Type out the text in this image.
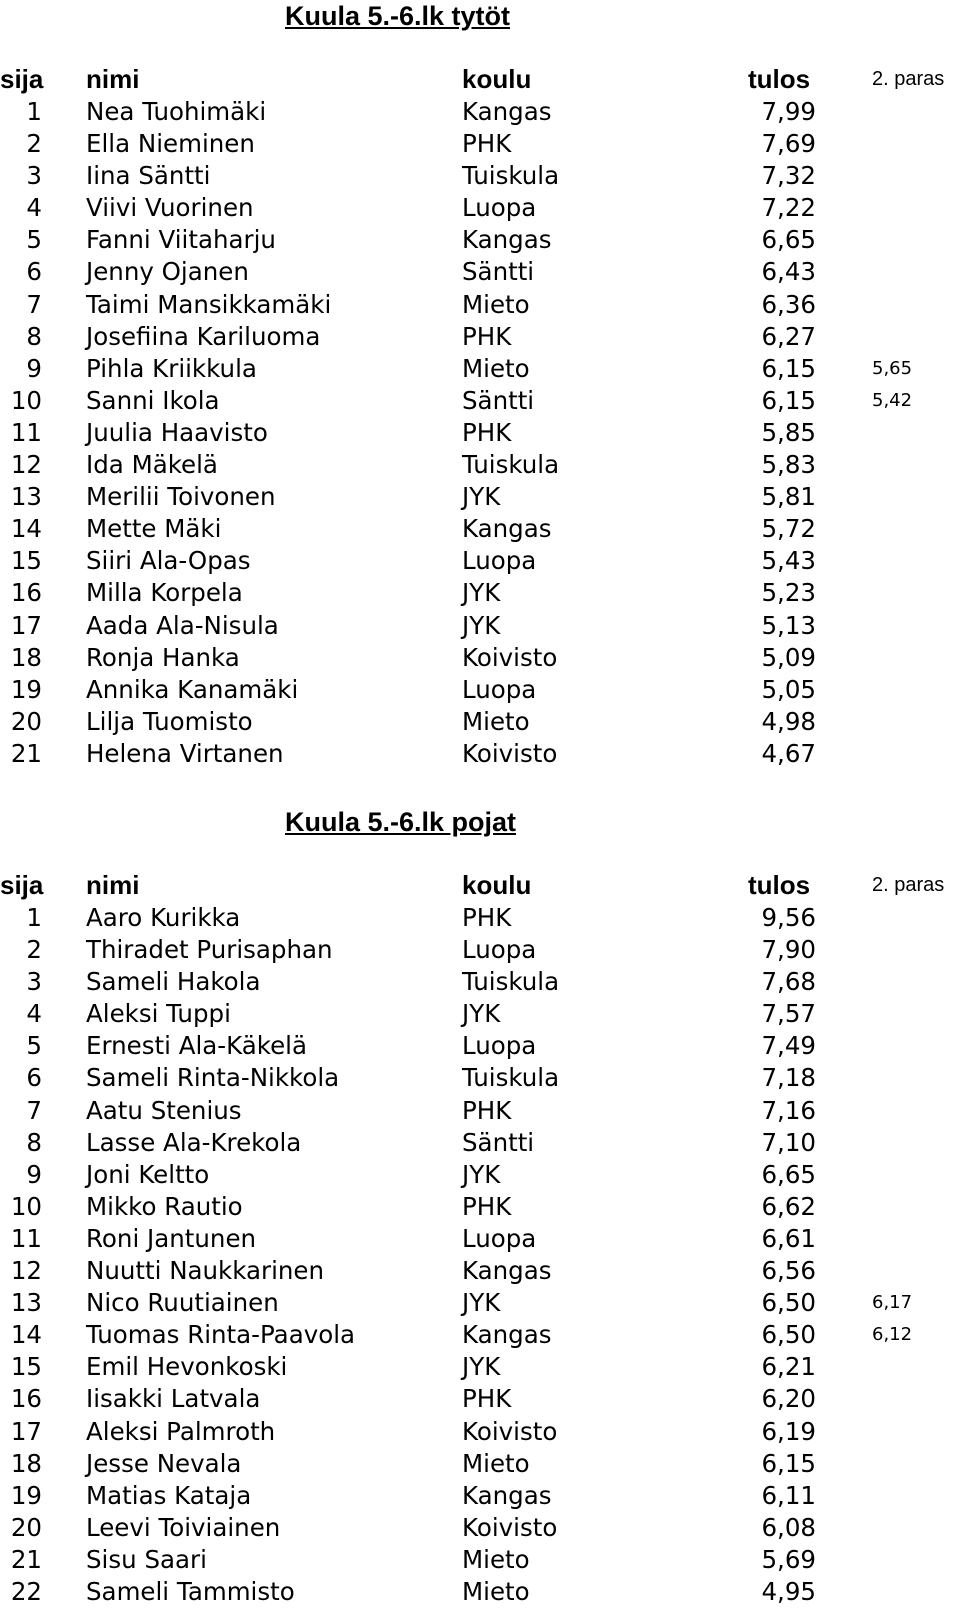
Kuula 5.-6.lk tytöt
sija nimi	koulu	tulos	2. paras
1 Nea Tuohimäki	Kangas	7,99
2 Ella Nieminen	PHK	7,69
3 Iina Säntti	Tuiskula	7,32
4 Viivi Vuorinen	Luopa	7,22
5 Fanni Viitaharju	Kangas	6,65
6 Jenny Ojanen	Säntti	6,43
7 Taimi Mansikkamäki	Mieto	6,36
8 Josefiina Kariluoma	PHK	6,27
9 Pihla Kriikkula	Mieto	6,15	5,65
10 Sanni Ikola	Säntti	6,15	5,42
11 Juulia Haavisto	PHK	5,85
12 Ida Mäkelä	Tuiskula	5,83
13 Merilii Toivonen	JYK	5,81
14 Mette Mäki	Kangas	5,72
15 Siiri Ala-Opas	Luopa	5,43
16 Milla Korpela	JYK	5,23
17 Aada Ala-Nisula	JYK	5,13
18 Ronja Hanka	Koivisto	5,09
19 Annika Kanamäki	Luopa	5,05
20 Lilja Tuomisto	Mieto	4,98
21 Helena Virtanen	Koivisto	4,67
Kuula 5.-6.lk pojat
sija nimi	koulu	tulos	2. paras
1 Aaro Kurikka	PHK	9,56
2 Thiradet Purisaphan	Luopa	7,90
3 Sameli Hakola	Tuiskula	7,68
4 Aleksi Tuppi	JYK	7,57
5 Ernesti Ala-Käkelä	Luopa	7,49
6 Sameli Rinta-Nikkola	Tuiskula	7,18
7 Aatu Stenius	PHK	7,16
8 Lasse Ala-Krekola	Säntti	7,10
9 Joni Keltto	JYK	6,65
10 Mikko Rautio	PHK	6,62
11 Roni Jantunen	Luopa	6,61
12 Nuutti Naukkarinen	Kangas	6,56
13 Nico Ruutiainen	JYK	6,50	6,17
14 Tuomas Rinta-Paavola	Kangas	6,50	6,12
15 Emil Hevonkoski	JYK	6,21
16 Iisakki Latvala	PHK	6,20
17 Aleksi Palmroth	Koivisto	6,19
18 Jesse Nevala	Mieto	6,15
19 Matias Kataja	Kangas	6,11
20 Leevi Toiviainen	Koivisto	6,08
21 Sisu Saari	Mieto	5,69
22 Sameli Tammisto	Mieto	4,95
